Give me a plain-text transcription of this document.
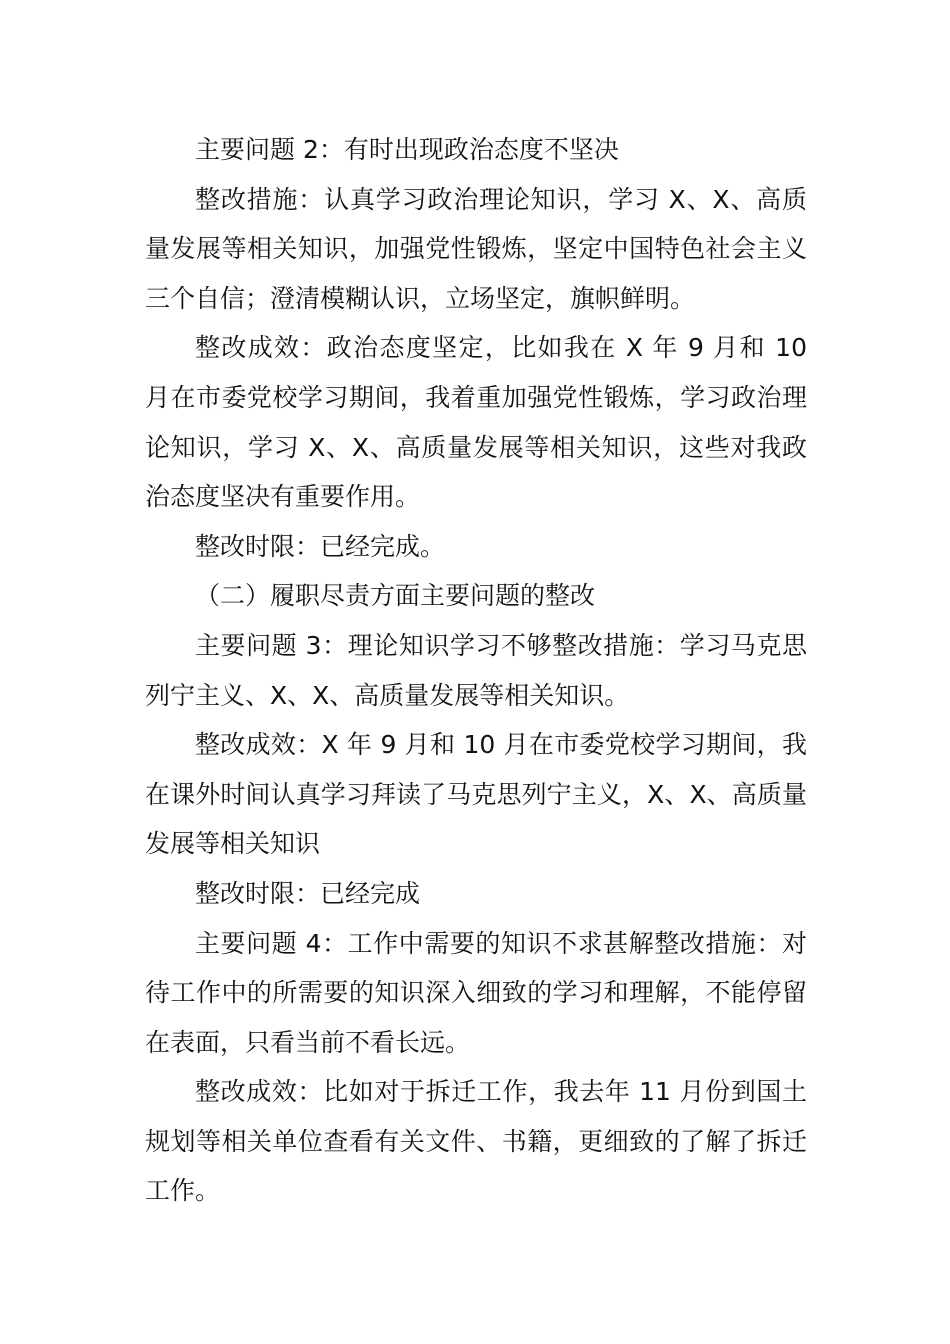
主要问题 2：有时出现政治态度不坚决

整改措施：认真学习政治理论知识，学习 X、X、高质量发展等相关知识，加强党性锻炼，坚定中国特色社会主义三个自信；澄清模糊认识，立场坚定，旗帜鲜明。

整改成效：政治态度坚定，比如我在 X 年 9 月和 10 月在市委党校学习期间，我着重加强党性锻炼，学习政治理论知识，学习 X、X、高质量发展等相关知识，这些对我政治态度坚决有重要作用。

整改时限：已经完成。

（二）履职尽责方面主要问题的整改

主要问题 3：理论知识学习不够整改措施：学习马克思列宁主义、X、X、高质量发展等相关知识。

整改成效：X 年 9 月和 10 月在市委党校学习期间，我在课外时间认真学习拜读了马克思列宁主义，X、X、高质量发展等相关知识

整改时限：已经完成

主要问题 4：工作中需要的知识不求甚解整改措施：对待工作中的所需要的知识深入细致的学习和理解，不能停留在表面，只看当前不看长远。

整改成效：比如对于拆迁工作，我去年 11 月份到国土规划等相关单位查看有关文件、书籍，更细致的了解了拆迁工作。
